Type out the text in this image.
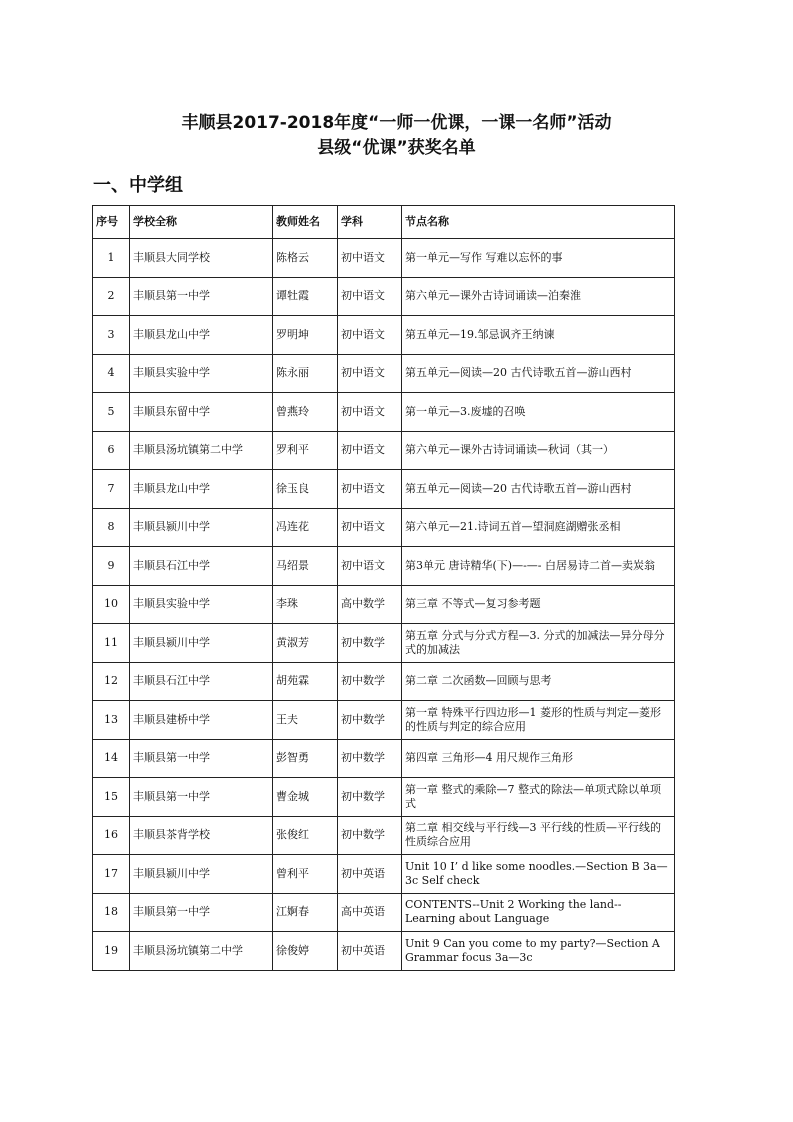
丰顺县2017-2018年度“一师一优课，一课一名师”活动
县级“优课”获奖名单
一、中学组
序号	学校全称	教师姓名	学科	节点名称
1	丰顺县大同学校	陈格云	初中语文	第一单元—写作 写难以忘怀的事
2	丰顺县第一中学	谭牡霞	初中语文	第六单元—课外古诗词诵读—泊秦淮
3	丰顺县龙山中学	罗明坤	初中语文	第五单元—19.邹忌讽齐王纳谏
4	丰顺县实验中学	陈永丽	初中语文	第五单元—阅读—20 古代诗歌五首—游山西村
5	丰顺县东留中学	曾燕玲	初中语文	第一单元—3.废墟的召唤
6	丰顺县汤坑镇第二中学	罗利平	初中语文	第六单元—课外古诗词诵读—秋词（其一）
7	丰顺县龙山中学	徐玉良	初中语文	第五单元—阅读—20 古代诗歌五首—游山西村
8	丰顺县颍川中学	冯连花	初中语文	第六单元—21.诗词五首—望洞庭湖赠张丞相
9	丰顺县石江中学	马绍景	初中语文	第3单元 唐诗精华(下)—-—- 白居易诗二首—卖炭翁
10	丰顺县实验中学	李珠	高中数学	第三章 不等式—复习参考题
11	丰顺县颍川中学	黄淑芳	初中数学	第五章 分式与分式方程—3. 分式的加减法—异分母分式的加减法
12	丰顺县石江中学	胡苑霖	初中数学	第二章 二次函数—回顾与思考
13	丰顺县建桥中学	王夫	初中数学	第一章 特殊平行四边形—1 菱形的性质与判定—菱形的性质与判定的综合应用
14	丰顺县第一中学	彭智勇	初中数学	第四章 三角形—4 用尺规作三角形
15	丰顺县第一中学	曹金城	初中数学	第一章 整式的乘除—7 整式的除法—单项式除以单项式
16	丰顺县茶背学校	张俊红	初中数学	第二章 相交线与平行线—3 平行线的性质—平行线的性质综合应用
17	丰顺县颍川中学	曾利平	初中英语	Unit 10 I’ d like some noodles.—Section B 3a—3c Self check
18	丰顺县第一中学	江婀春	高中英语	CONTENTS--Unit 2 Working the land--Learning about Language
19	丰顺县汤坑镇第二中学	徐俊婷	初中英语	Unit 9 Can you come to my party?—Section A Grammar focus 3a—3c
